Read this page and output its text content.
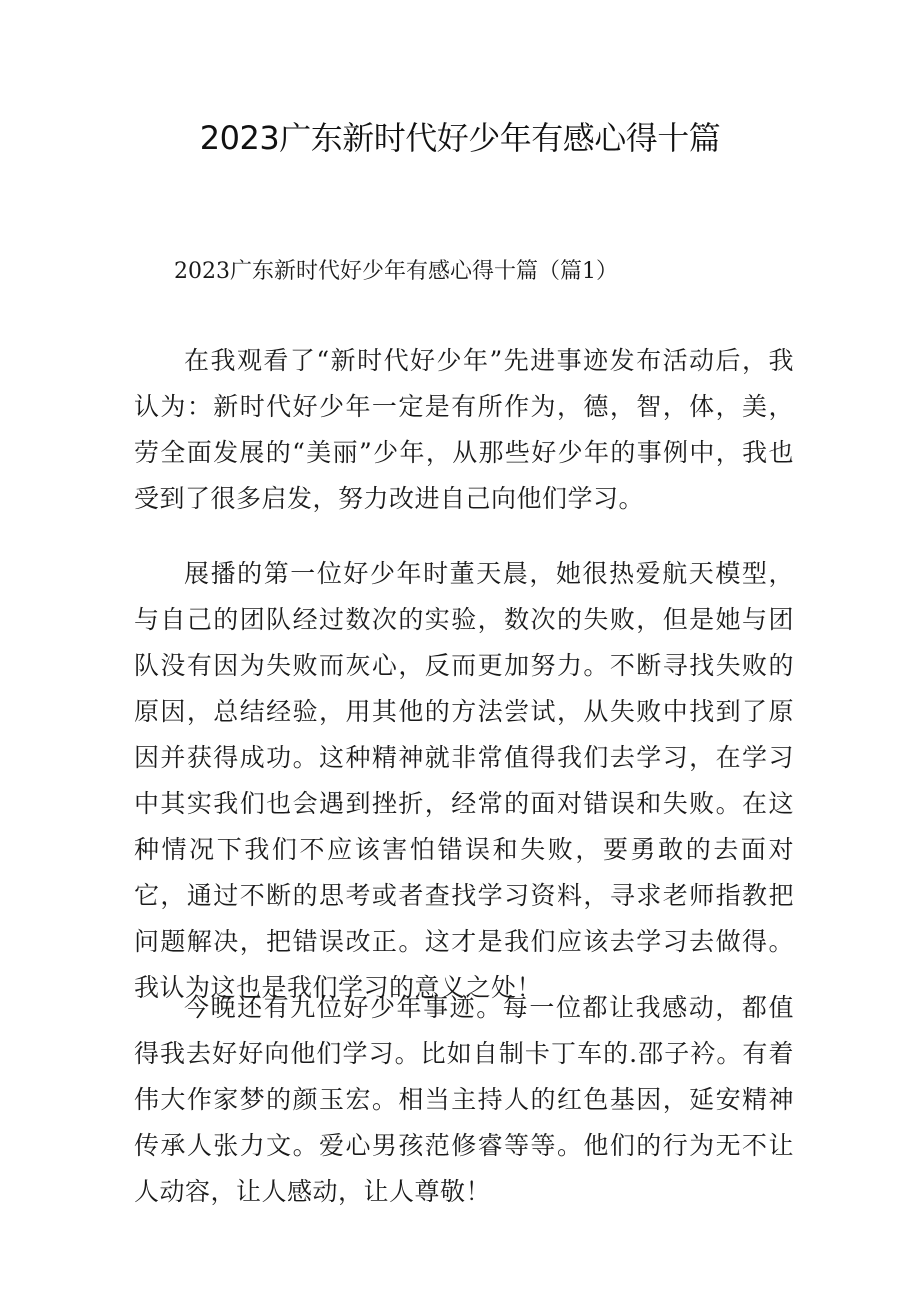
2023广东新时代好少年有感心得十篇
2023广东新时代好少年有感心得十篇（篇1）

在我观看了“新时代好少年”先进事迹发布活动后，我认为：新时代好少年一定是有所作为，德，智，体，美，劳全面发展的“美丽”少年，从那些好少年的事例中，我也受到了很多启发，努力改进自己向他们学习。

展播的第一位好少年时董天晨，她很热爱航天模型，与自己的团队经过数次的实验，数次的失败，但是她与团队没有因为失败而灰心，反而更加努力。不断寻找失败的原因，总结经验，用其他的方法尝试，从失败中找到了原因并获得成功。这种精神就非常值得我们去学习，在学习中其实我们也会遇到挫折，经常的面对错误和失败。在这种情况下我们不应该害怕错误和失败，要勇敢的去面对它，通过不断的思考或者查找学习资料，寻求老师指教把问题解决，把错误改正。这才是我们应该去学习去做得。我认为这也是我们学习的意义之处！

今晚还有九位好少年事迹。每一位都让我感动，都值得我去好好向他们学习。比如自制卡丁车的.邵子衿。有着伟大作家梦的颜玉宏。相当主持人的红色基因，延安精神传承人张力文。爱心男孩范修睿等等。他们的行为无不让人动容，让人感动，让人尊敬！
